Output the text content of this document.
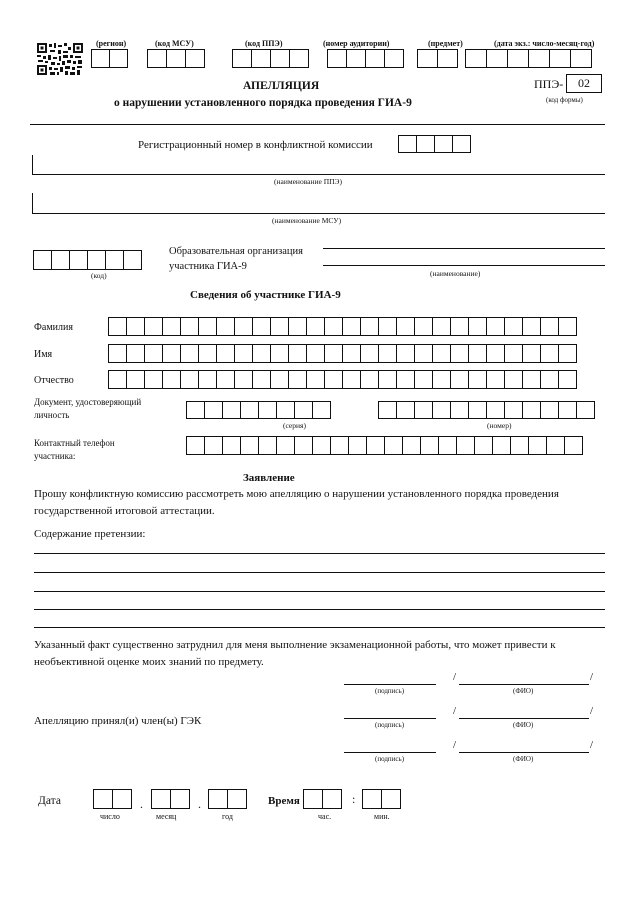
(регион)	(код МСУ)	(код ППЭ)	(номер аудитории)	(предмет)	(дата экз.: число-месяц-год)
АПЕЛЛЯЦИЯ
о нарушении установленного порядка проведения ГИА-9
ППЭ-	02
(код формы)
Регистрационный номер в конфликтной комиссии
(наименование ППЭ)
(наименование МСУ)
(код)
Образовательная организация
участника ГИА-9
(наименование)
Сведения об участнике ГИА-9
Фамилия
Имя
Отчество
Документ, удостоверяющий
личность
(серия)	(номер)
Контактный телефон
участника:
Заявление
Прошу конфликтную комиссию рассмотреть мою апелляцию о нарушении установленного порядка проведения государственной итоговой аттестации.
Содержание претензии:
Указанный факт существенно затруднил для меня выполнение экзаменационной работы, что может привести к необъективной оценке моих знаний по предмету.
/	/
(подпись)	(ФИО)
Апелляцию принял(и) член(ы) ГЭК
/	/
(подпись)	(ФИО)
/	/
(подпись)	(ФИО)
Дата	.	.
число	месяц	год
Время	:
час.	мин.
